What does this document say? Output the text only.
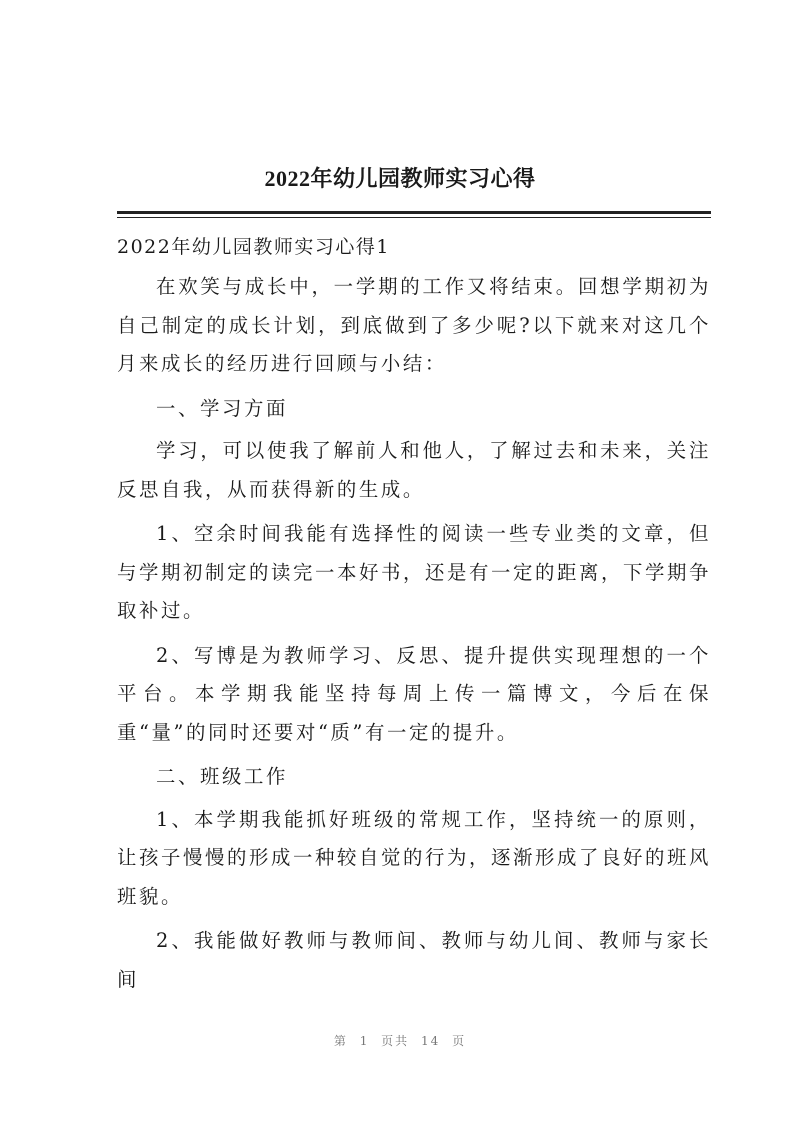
2022年幼儿园教师实习心得

2022年幼儿园教师实习心得1

在欢笑与成长中，一学期的工作又将结束。回想学期初为自己制定的成长计划，到底做到了多少呢?以下就来对这几个月来成长的经历进行回顾与小结：

一、学习方面

学习，可以使我了解前人和他人，了解过去和未来，关注反思自我，从而获得新的生成。

1、空余时间我能有选择性的阅读一些专业类的文章，但与学期初制定的读完一本好书，还是有一定的距离，下学期争取补过。

2、写博是为教师学习、反思、提升提供实现理想的一个平台。本学期我能坚持每周上传一篇博文，今后在保重“量”的同时还要对“质”有一定的提升。

二、班级工作

1、本学期我能抓好班级的常规工作，坚持统一的原则，让孩子慢慢的形成一种较自觉的行为，逐渐形成了良好的班风班貌。

2、我能做好教师与教师间、教师与幼儿间、教师与家长间

第 1 页共 14 页
